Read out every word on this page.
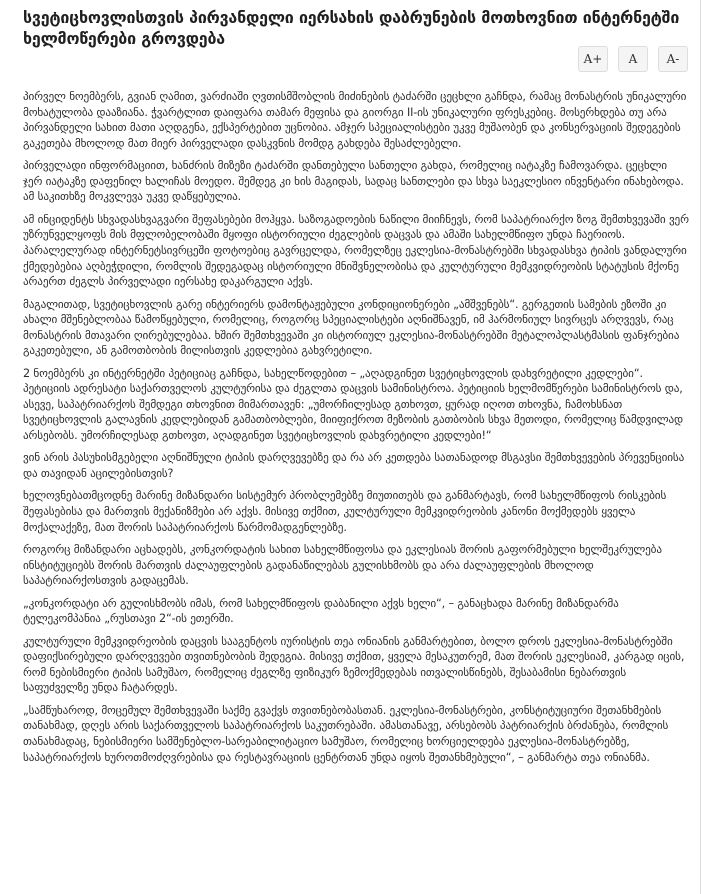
სვეტიცხოვლისთვის პირვანდელი იერსახის დაბრუნების მოთხოვნით ინტერნეტში ხელმოწერები გროვდება
A+	A	A-

პირველ ნოემბერს, გვიან ღამით, ვარძიაში ღვთისმშობლის მიძინების ტაძარში ცეცხლი გაჩნდა, რამაც მონასტრის უნიკალური მოხატულობა დააზიანა. ჭვარტლით დაიფარა თამარ მეფისა და გიორგი II-ის უნიკალური ფრესკებიც. მოსერხდება თუ არა პირვანდელი სახით მათი აღდგენა, ექსპერტებით უცნობია. ამჯერ სპეციალისტები უკვე მუშაობენ და კონსერვაციის შედეგების გაკეთება მხოლოდ მათ მიერ პირველადი დასკვნის მომდგ გახდება შესაძლებელი.

პირველადი ინფორმაციით, ხანძრის მიზეზი ტაძარში დანთებული სანთელი გახდა, რომელიც იატაკზე ჩამოვარდა. ცეცხლი ჯერ იატაკზე დაფენილ ხალიჩას მოედო. შემდეგ კი ხის მაგიდას, სადაც სანთლები და სხვა საეკლესიო ინვენტარი ინახებოდა. ამ საკითხზე მოკვლევა უკვე დაწყებულია.

ამ ინციდენტს სხვადასხვაგვარი შეფასებები მოჰყვა. საზოგადოების ნაწილი მიიჩნევს, რომ საპატრიარქო ზოგ შემთხვევაში ვერ უზრუნველყოფს მის მფლობელობაში მყოფი ისტორიული ძეგლების დაცვას და ამაში სახელმწიფო უნდა ჩაერიოს. პარალელურად ინტერნეტსივრცეში ფოტოებიც გავრცელდა, რომელზეც ეკლესია-მონასტრებში სხვადასხვა ტიპის ვანდალური ქმედებებია აღბეჭდილი, რომლის შედეგადაც ისტორიული მნიშვნელობისა და კულტურული მემკვიდრეობის სტატუსის მქონე არაერთ ძეგლს პირველადი იერსახე დაკარგული აქვს.

მაგალითად, სვეტიცხოვლის გარე ინტერიერს დამონტაჟებული კონდიციონერები „ამშვენებს“. გერგეთის სამების ეზოში კი ახალი მშენებლობაა წამოწყებული, რომელიც, როგორც სპეციალისტები აღნიშნავენ, იმ ჰარმონიულ სივრცეს არღვევს, რაც მონასტრის მთავარი ღირებულებაა. ხშირ შემთხვევაში კი ისტორიულ ეკლესია-მონასტრებში მეტალოპლასტმასის ფანჯრებია გაკეთებული, ან გამოთბობის მილისთვის კედლებია გახვრეტილი.

2 ნოემბერს კი ინტერნეტში პეტიციაც გაჩნდა, სახელწოდებით – „აღადგინეთ სვეტიცხოვლის დახვრეტილი კედლები“. პეტიციის ადრესატი საქართველოს კულტურისა და ძეგლთა დაცვის სამინისტროა. პეტიციის ხელმომწერები სამინისტროს და, ასევე, საპატრიარქოს შემდეგი თხოვნით მიმართავენ: „უმორჩილესად გთხოვთ, ყურად იღოთ თხოვნა, ჩამოხსნათ სვეტიცხოვლის გალავნის კედლებიდან გამათბობლები, მიიფიქროთ მეზობის გათბობის სხვა მეთოდი, რომელიც წამდვილად არსებობს. უმორჩილესად გთხოვთ, აღადგინეთ სვეტიცხოვლის დახვრეტილი კედლები!“

ვინ არის პასუხისმგებელი აღნიშნული ტიპის დარღვევებზე და რა არ კეთდება სათანადოდ მსგავსი შემთხვევების პრევენციისა და თავიდან აცილებისთვის?

ხელოვნებათმცოდნე მარინე მიზანდარი სისტემურ პრობლემებზე მიუთითებს და განმარტავს, რომ სახელმწიფოს რისკების შეფასებისა და მართვის მექანიზმები არ აქვს. მისივე თქმით, კულტურული მემკვიდრეობის კანონი მოქმედებს ყველა მოქალაქეზე, მათ შორის საპატრიარქოს წარმომადგენლებზე.

როგორც მიზანდარი აცხადებს, კონკორდატის სახით სახელმწიფოსა და ეკლესიას შორის გაფორმებული ხელშეკრულება ინსტიტუციებს შორის მართვის ძალაუფლების გადანაწილებას გულისხმობს და არა ძალაუფლების მხოლოდ საპატრიარქოსთვის გადაცემას.

„კონკორდატი არ გულისხმობს იმას, რომ სახელმწიფოს დაბანილი აქვს ხელი“, – განაცხადა მარინე მიზანდარმა ტელეკომპანია „რუსთავი 2“-ის ეთერში.

კულტურული მემკვიდრეობის დაცვის სააგენტოს იურისტის თეა ონიანის განმარტებით, ბოლო დროს ეკლესია-მონასტრებში დაფიქსირებული დარღვევები თვითნებობის შედეგია. მისივე თქმით, ყველა მესაკუთრემ, მათ შორის ეკლესიამ, კარგად იცის, რომ ნებისმიერი ტიპის სამუშაო, რომელიც ძეგლზე ფიზიკურ ზემოქმედებას ითვალისწინებს, შესაბამისი ნებართვის საფუძველზე უნდა ჩატარდეს.

„სამწუხაროდ, მოცემულ შემთხვევაში საქმე გვაქვს თვითნებობასთან. ეკლესია-მონასტრები, კონსტიტუციური შეთანხმების თანახმად, დღეს არის საქართველოს საპატრიარქოს საკუთრებაში. ამასთანავე, არსებობს პატრიარქის ბრძანება, რომლის თანახმადაც, ნებისმიერი სამშენებლო-სარეაბილიტაციო სამუშაო, რომელიც ხორციელდება ეკლესია-მონასტრებზე, საპატრიარქოს ხუროთმოძღვრებისა და რესტავრაციის ცენტრთან უნდა იყოს შეთანხმებული“, – განმარტა თეა ონიანმა.
